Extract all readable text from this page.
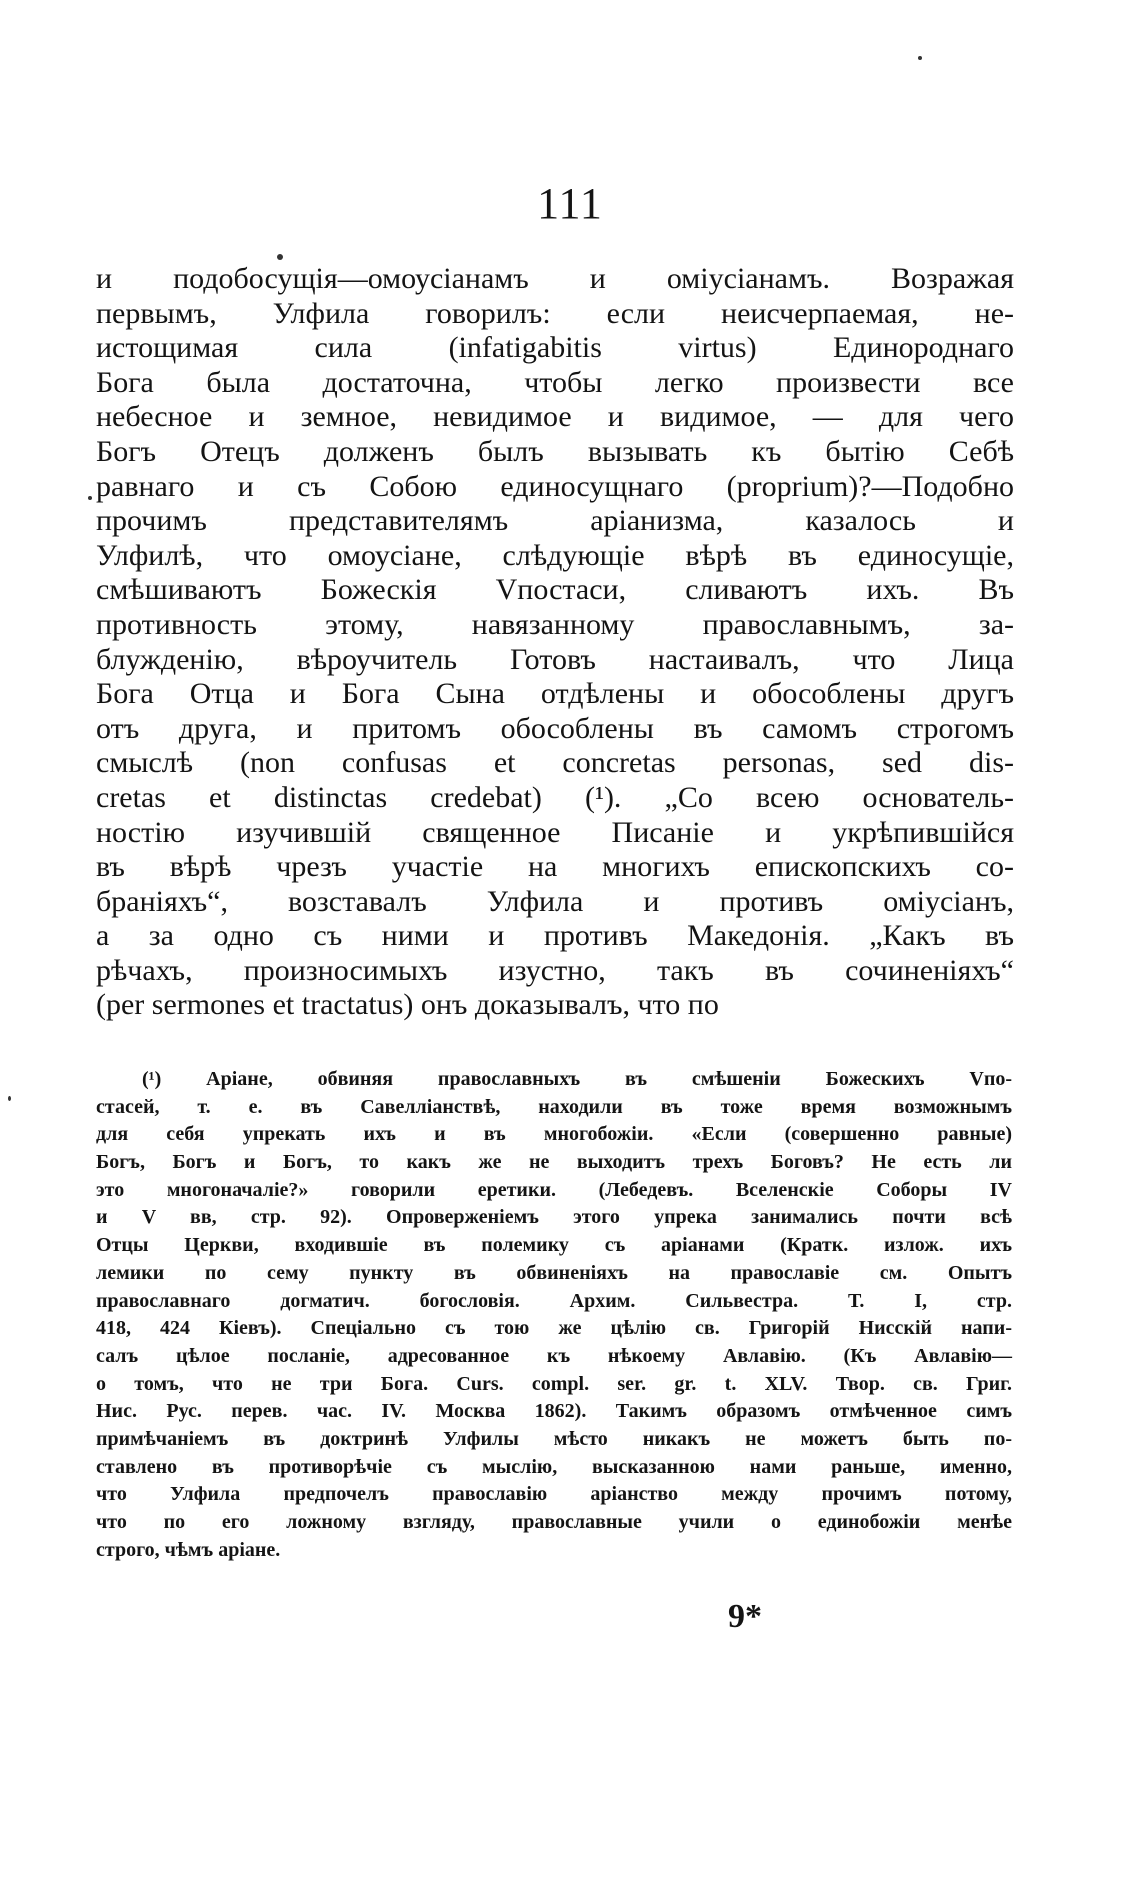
111
и подобосущія—омоусіанамъ и омiусіанамъ. Возражая
первымъ, Улфила говорилъ: если неисчерпаемая, не-
истощимая сила (infatigabitis virtus) Единороднаго
Бога была достаточна, чтобы легко произвести все
небесное и земное, невидимое и видимое, — для чего
Богъ Отецъ долженъ былъ вызывать къ бытію Себѣ
равнаго и съ Собою единосущнаго (proprium)?—Подобно
прочимъ представителямъ аріанизма, казалось и
Улфилѣ, что омоусіане, слѣдующіе вѣрѣ въ единосущіе,
смѣшиваютъ Божескія Vпостаси, сливаютъ ихъ. Въ
противность этому, навязанному православнымъ, за-
блужденію, вѣроучитель Готовъ настаивалъ, что Лица
Бога Отца и Бога Сына отдѣлены и обособлены другъ
отъ друга, и притомъ обособлены въ самомъ строгомъ
смыслѣ (non confusas et concretas personas, sed dis-
cretas et distinctas credebat) (¹). „Со всею основатель-
ностію изучившій священное Писаніе и укрѣпившійся
въ вѣрѣ чрезъ участіе на многихъ епископскихъ со-
браніяхъ“, возставалъ Улфила и противъ омiусіанъ,
а за одно съ ними и противъ Македонія. „Какъ въ
рѣчахъ, произносимыхъ изустно, такъ въ сочиненіяхъ“
(per sermones et tractatus) онъ доказывалъ, что по
(¹) Аріане, обвиняя православныхъ въ смѣшеніи Божескихъ Vпо-
стасей, т. е. въ Савелліанствѣ, находили въ тоже время возможнымъ
для себя упрекать ихъ и въ многобожіи. «Если (совершенно равные)
Богъ, Богъ и Богъ, то какъ же не выходитъ трехъ Боговъ? Не есть ли
это многоначаліе?» говорили еретики. (Лебедевъ. Вселенскіе Соборы IV
и V вв, стр. 92). Опроверженіемъ этого упрека занимались почти всѣ
Отцы Церкви, входившіе въ полемику съ аріанами (Кратк. излож. ихъ
лемики по сему пункту въ обвиненіяхъ на православіе см. Опытъ
православнаго догматич. богословія. Архим. Сильвестра. Т. I, стр.
418, 424 Кіевъ). Спеціально съ тою же цѣлію св. Григорій Нисскій напи-
салъ цѣлое посланіе, адресованное къ нѣкоему Авлавію. (Къ Авлавію—
о томъ, что не три Бога. Curs. compl. ser. gr. t. XLV. Твор. св. Григ.
Нис. Рус. перев. час. IV. Москва 1862). Такимъ образомъ отмѣченное симъ
примѣчаніемъ въ доктринѣ Улфилы мѣсто никакъ не можетъ быть по-
ставлено въ противорѣчіе съ мыслію, высказанною нами раньше, именно,
что Улфила предпочелъ православію аріанство между прочимъ потому,
что по его ложному взгляду, православные учили о единобожіи менѣе
строго, чѣмъ аріане.
9*
